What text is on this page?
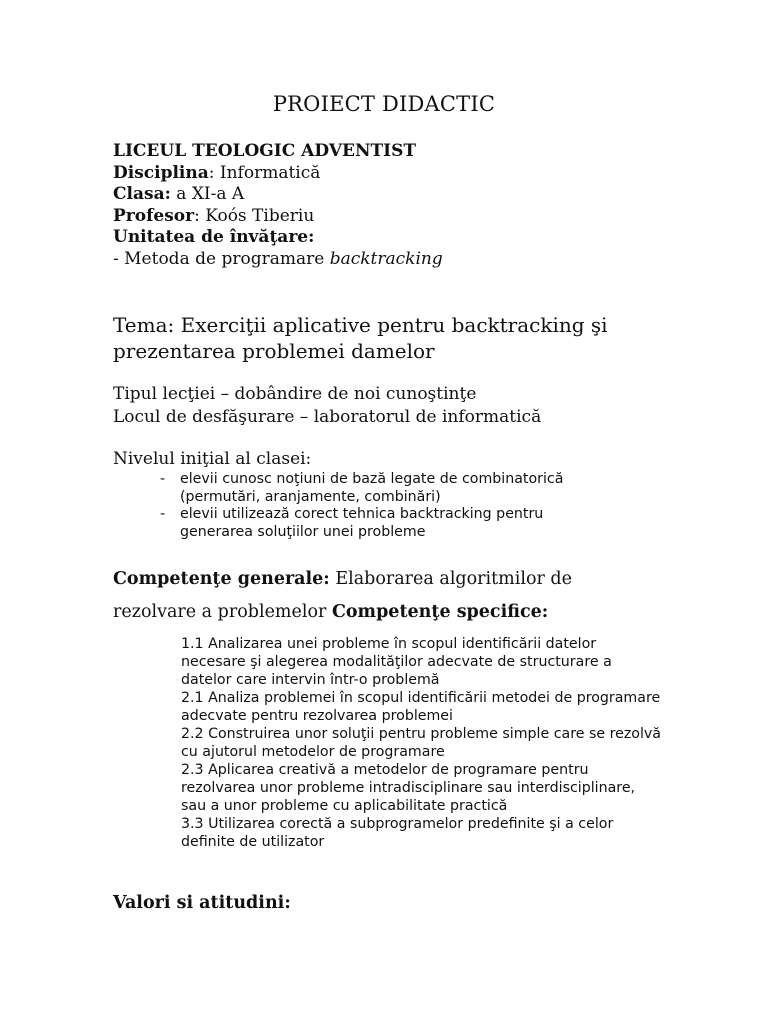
PROIECT DIDACTIC
LICEUL TEOLOGIC ADVENTIST
Disciplina: Informatică
Clasa: a XI-a A
Profesor: Koós Tiberiu
Unitatea de învăţare:
- Metoda de programare backtracking
Tema: Exerciţii aplicative pentru backtracking şi prezentarea problemei damelor
Tipul lecţiei – dobândire de noi cunoştinţe
Locul de desfăşurare – laboratorul de informatică
Nivelul iniţial al clasei:
- elevii cunosc noţiuni de bază legate de combinatorică (permutări, aranjamente, combinări)
- elevii utilizează corect tehnica backtracking pentru generarea soluţiilor unei probleme
Competenţe generale: Elaborarea algoritmilor de
rezolvare a problemelor Competenţe specifice:
1.1 Analizarea unei probleme în scopul identificării datelor necesare şi alegerea modalităţilor adecvate de structurare a datelor care intervin într-o problemă
2.1 Analiza problemei în scopul identificării metodei de programare adecvate pentru rezolvarea problemei
2.2 Construirea unor soluţii pentru probleme simple care se rezolvă cu ajutorul metodelor de programare
2.3 Aplicarea creativă a metodelor de programare pentru rezolvarea unor probleme intradisciplinare sau interdisciplinare, sau a unor probleme cu aplicabilitate practică
3.3 Utilizarea corectă a subprogramelor predefinite şi a celor definite de utilizator
Valori si atitudini:
